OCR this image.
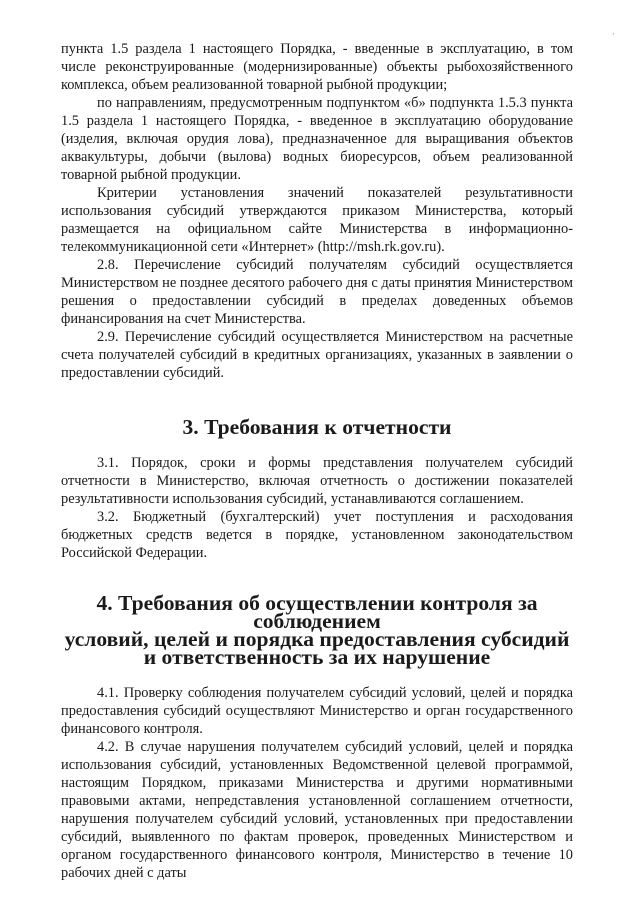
·

пункта 1.5 раздела 1 настоящего Порядка, - введенные в эксплуатацию, в том числе реконструированные (модернизированные) объекты рыбохозяйственного комплекса, объем реализованной товарной рыбной продукции;

по направлениям, предусмотренным подпунктом «б» подпункта 1.5.3 пункта 1.5 раздела 1 настоящего Порядка, - введенное в эксплуатацию оборудование (изделия, включая орудия лова), предназначенное для выращивания объектов аквакультуры, добычи (вылова) водных биоресурсов, объем реализованной товарной рыбной продукции.

Критерии установления значений показателей результативности использования субсидий утверждаются приказом Министерства, который размещается на официальном сайте Министерства в информационно-телекоммуникационной сети «Интернет» (http://msh.rk.gov.ru).

2.8. Перечисление субсидий получателям субсидий осуществляется Министерством не позднее десятого рабочего дня с даты принятия Министерством решения о предоставлении субсидий в пределах доведенных объемов финансирования на счет Министерства.

2.9. Перечисление субсидий осуществляется Министерством на расчетные счета получателей субсидий в кредитных организациях, указанных в заявлении о предоставлении субсидий.

3. Требования к отчетности

3.1. Порядок, сроки и формы представления получателем субсидий отчетности в Министерство, включая отчетность о достижении показателей результативности использования субсидий, устанавливаются соглашением.

3.2. Бюджетный (бухгалтерский) учет поступления и расходования бюджетных средств ведется в порядке, установленном законодательством Российской Федерации.

4. Требования об осуществлении контроля за соблюдением
условий, целей и порядка предоставления субсидий
и ответственность за их нарушение

4.1. Проверку соблюдения получателем субсидий условий, целей и порядка предоставления субсидий осуществляют Министерство и орган государственного финансового контроля.

4.2. В случае нарушения получателем субсидий условий, целей и порядка использования субсидий, установленных Ведомственной целевой программой, настоящим Порядком, приказами Министерства и другими нормативными правовыми актами, непредставления установленной соглашением отчетности, нарушения получателем субсидий условий, установленных при предоставлении субсидий, выявленного по фактам проверок, проведенных Министерством и органом государственного финансового контроля, Министерство в течение 10 рабочих дней с даты
